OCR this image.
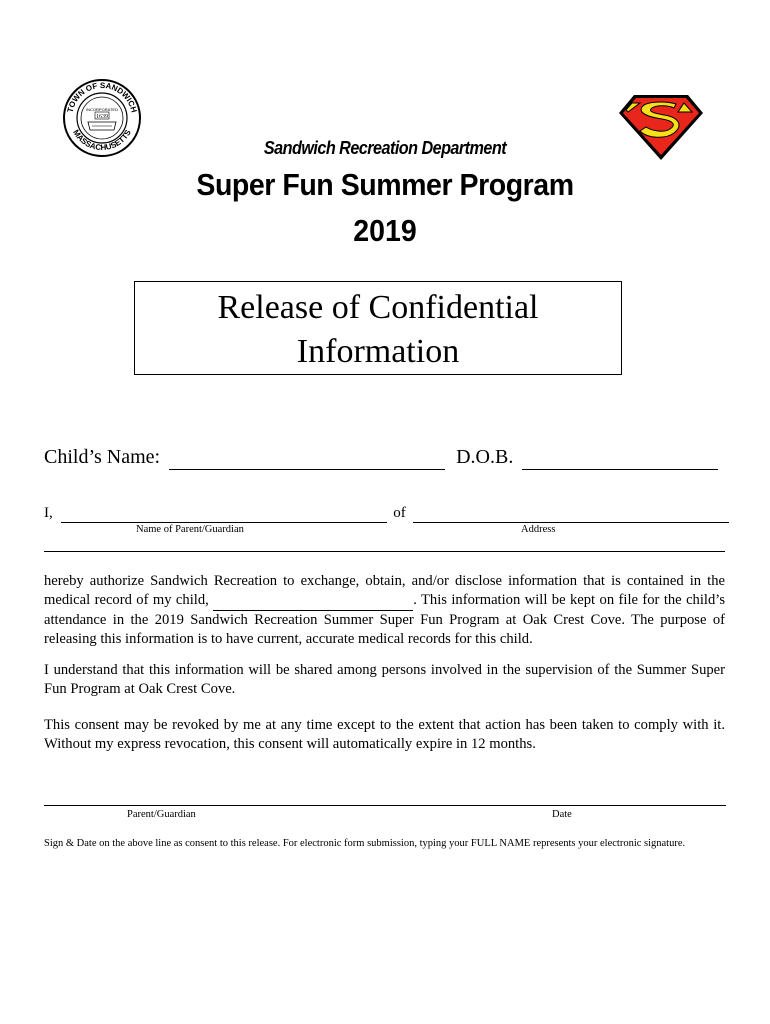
TOWN OF SANDWICH
MASSACHUSETTS
INCORPORATED
1639
Sandwich Recreation Department
Super Fun Summer Program
2019
Release of Confidential
Information
Child’s Name:	D.O.B.
I,	of
Name of Parent/Guardian	Address
hereby authorize Sandwich Recreation to exchange, obtain, and/or disclose information that is contained in the medical record of my child,	. This information will be kept on file for the child’s attendance in the 2019 Sandwich Recreation Summer Super Fun Program at Oak Crest Cove. The purpose of releasing this information is to have current, accurate medical records for this child.
I understand that this information will be shared among persons involved in the supervision of the Summer Super Fun Program at Oak Crest Cove.
This consent may be revoked by me at any time except to the extent that action has been taken to comply with it. Without my express revocation, this consent will automatically expire in 12 months.
Parent/Guardian	Date
Sign & Date on the above line as consent to this release. For electronic form submission, typing your FULL NAME represents your electronic signature.
